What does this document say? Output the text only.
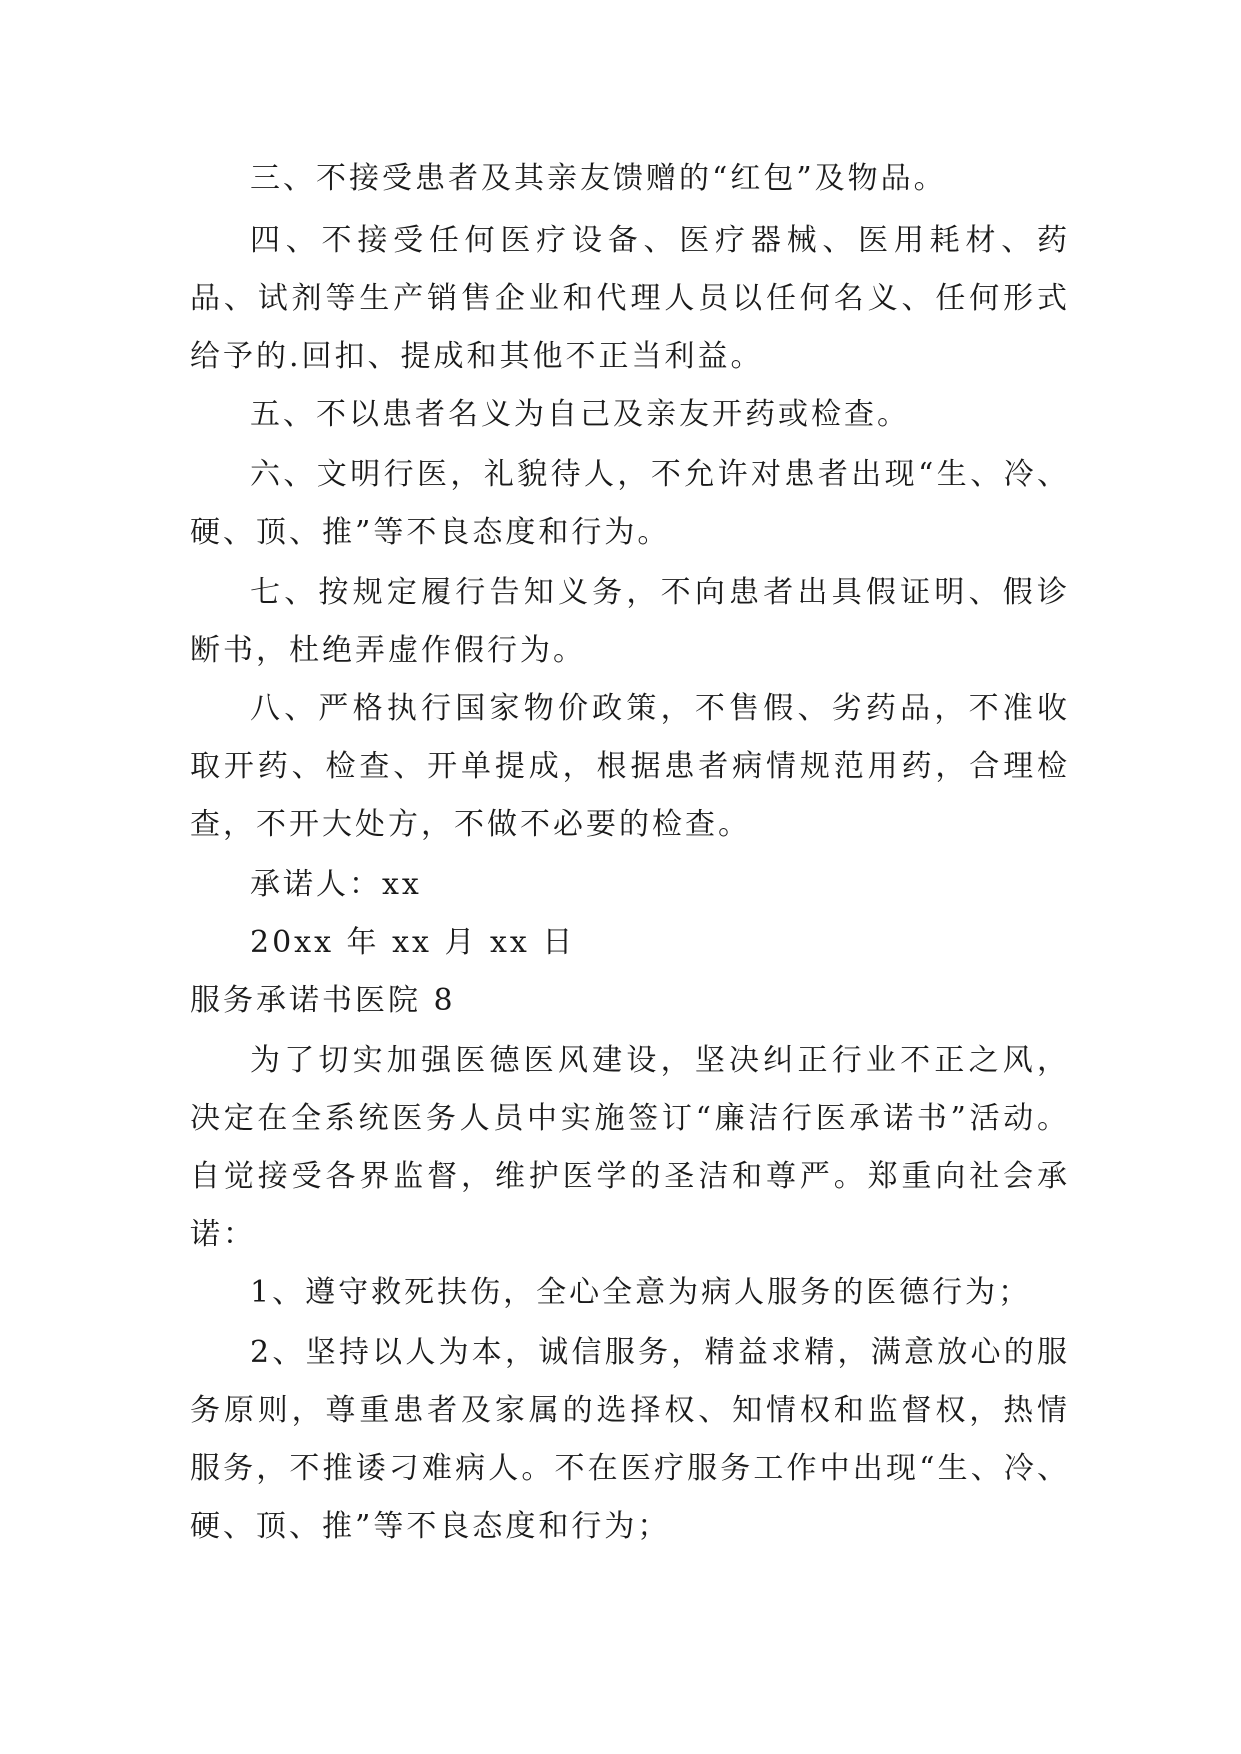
三、不接受患者及其亲友馈赠的“红包”及物品。

四、不接受任何医疗设备、医疗器械、医用耗材、药品、试剂等生产销售企业和代理人员以任何名义、任何形式给予的.回扣、提成和其他不正当利益。

五、不以患者名义为自己及亲友开药或检查。

六、文明行医，礼貌待人，不允许对患者出现“生、冷、硬、顶、推”等不良态度和行为。

七、按规定履行告知义务，不向患者出具假证明、假诊断书，杜绝弄虚作假行为。

八、严格执行国家物价政策，不售假、劣药品，不准收取开药、检查、开单提成，根据患者病情规范用药，合理检查，不开大处方，不做不必要的检查。

承诺人：xx

20xx 年 xx 月 xx 日

服务承诺书医院 8

为了切实加强医德医风建设，坚决纠正行业不正之风，决定在全系统医务人员中实施签订“廉洁行医承诺书”活动。自觉接受各界监督，维护医学的圣洁和尊严。郑重向社会承诺：

1、遵守救死扶伤，全心全意为病人服务的医德行为；

2、坚持以人为本，诚信服务，精益求精，满意放心的服务原则，尊重患者及家属的选择权、知情权和监督权，热情服务，不推诿刁难病人。不在医疗服务工作中出现“生、冷、硬、顶、推”等不良态度和行为；
